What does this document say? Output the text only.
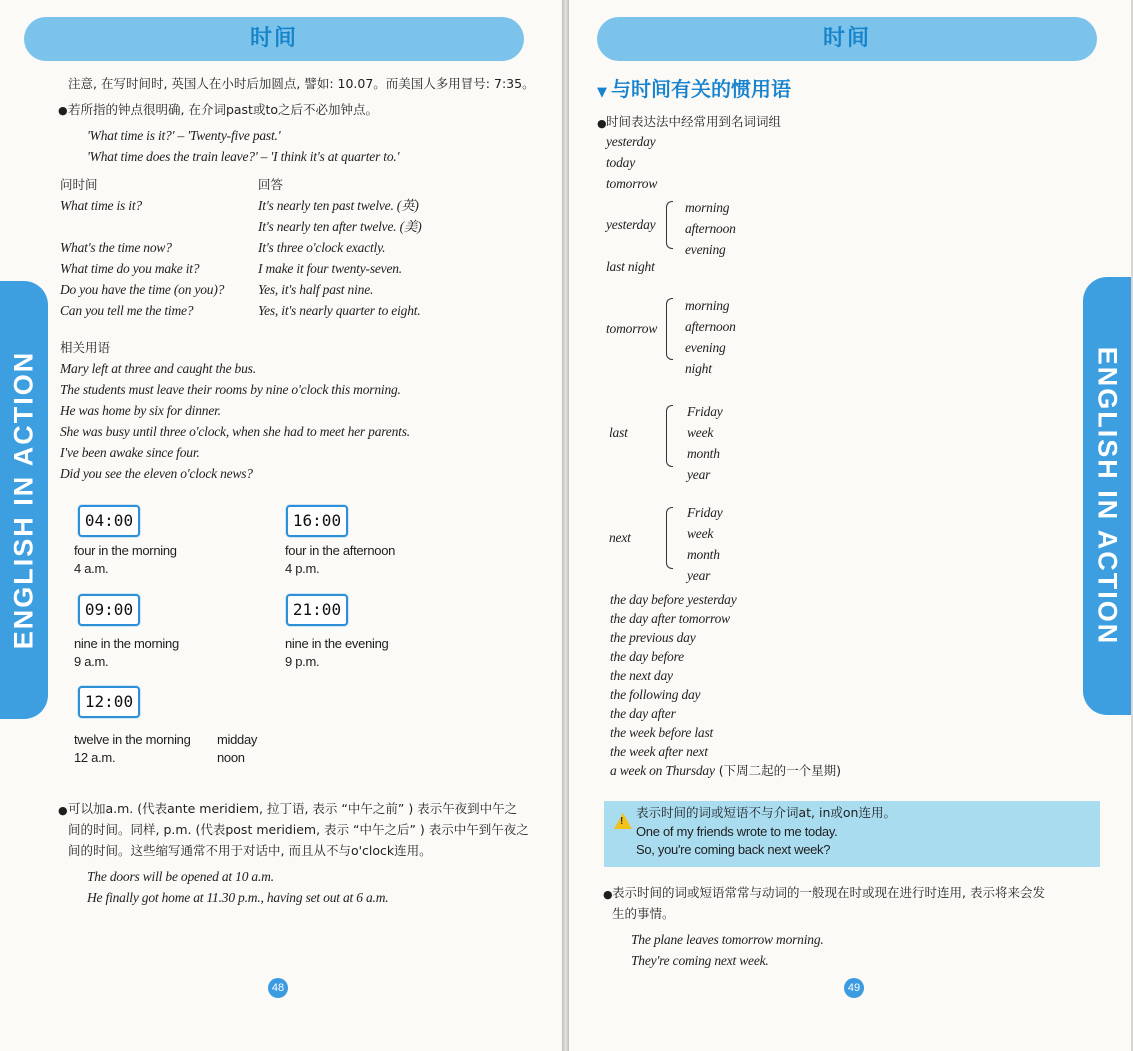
时间
ENGLISH IN ACTION
注意, 在写时间时, 英国人在小时后加圆点, 譬如: 10.07。而美国人多用冒号: 7:35。
● 若所指的钟点很明确, 在介词past或to之后不必加钟点。
'What time is it?' – 'Twenty-five past.'
'What time does the train leave?' – 'I think it's at quarter to.'
问时间	回答
What time is it?	It's nearly ten past twelve. (英)
It's nearly ten after twelve. (美)
What's the time now?	It's three o'clock exactly.
What time do you make it?	I make it four twenty-seven.
Do you have the time (on you)?	Yes, it's half past nine.
Can you tell me the time?	Yes, it's nearly quarter to eight.
相关用语
Mary left at three and caught the bus.
The students must leave their rooms by nine o'clock this morning.
He was home by six for dinner.
She was busy until three o'clock, when she had to meet her parents.
I've been awake since four.
Did you see the eleven o'clock news?
04:00
four in the morning
4 a.m.
16:00
four in the afternoon
4 p.m.
09:00
nine in the morning
9 a.m.
21:00
nine in the evening
9 p.m.
12:00
twelve in the morning
12 a.m.
midday
noon
● 可以加a.m. (代表ante meridiem, 拉丁语, 表示 “中午之前” ) 表示午夜到中午之
间的时间。同样, p.m. (代表post meridiem, 表示 “中午之后” ) 表示中午到午夜之
间的时间。这些缩写通常不用于对话中, 而且从不与o'clock连用。
The doors will be opened at 10 a.m.
He finally got home at 11.30 p.m., having set out at 6 a.m.
48
时间
ENGLISH IN ACTION
▼ 与时间有关的惯用语
● 时间表达法中经常用到名词词组
yesterday
today
tomorrow
yesterday
morning
afternoon
evening
last night
tomorrow
morning
afternoon
evening
night
last
Friday
week
month
year
next
Friday
week
month
year
the day before yesterday
the day after tomorrow
the previous day
the day before
the next day
the following day
the day after
the week before last
the week after next
a week on Thursday (下周二起的一个星期)
!
表示时间的词或短语不与介词at, in或on连用。
One of my friends wrote to me today.
So, you're coming back next week?
● 表示时间的词或短语常常与动词的一般现在时或现在进行时连用, 表示将来会发
生的事情。
The plane leaves tomorrow morning.
They're coming next week.
49
